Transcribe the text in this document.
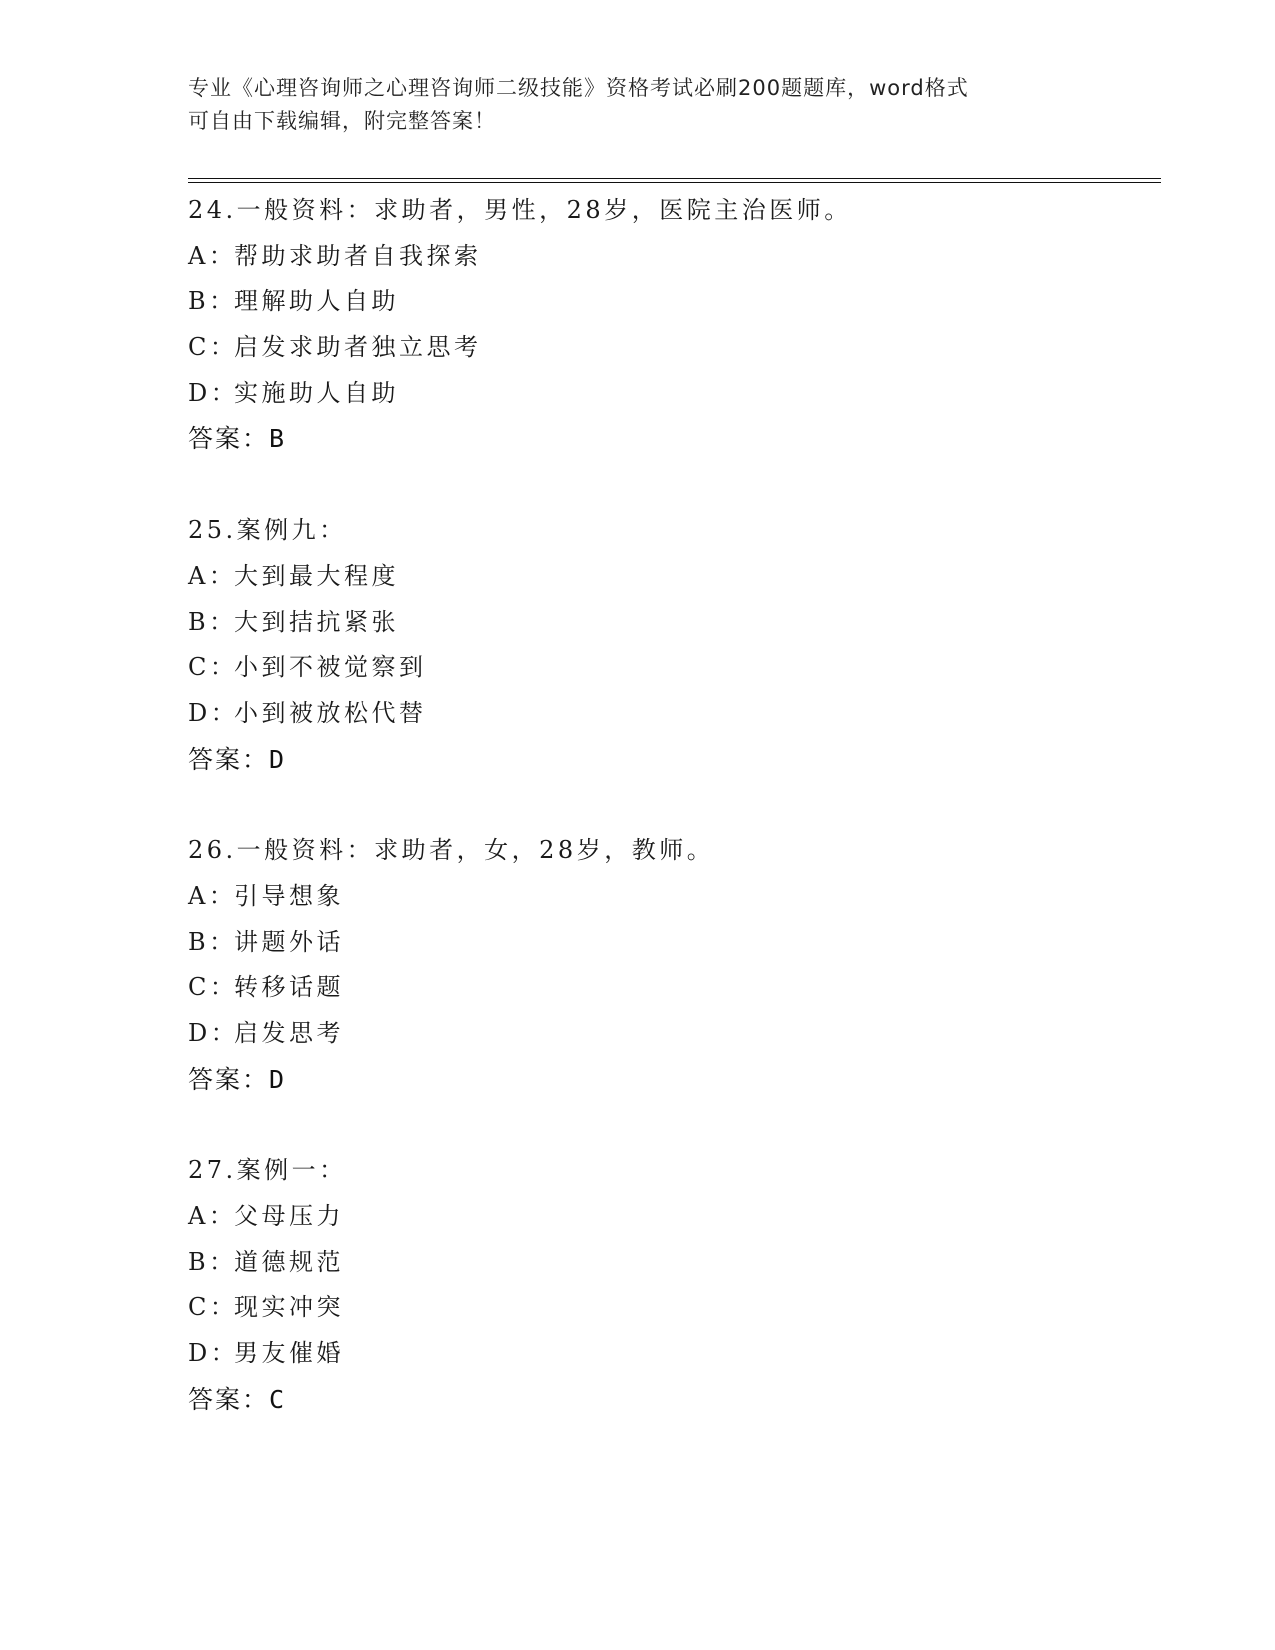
专业《心理咨询师之心理咨询师二级技能》资格考试必刷200题题库，word格式
可自由下载编辑，附完整答案！
24.一般资料：求助者，男性，28岁，医院主治医师。
A：帮助求助者自我探索
B：理解助人自助
C：启发求助者独立思考
D：实施助人自助
答案：B
25.案例九：
A：大到最大程度
B：大到拮抗紧张
C：小到不被觉察到
D：小到被放松代替
答案：D
26.一般资料：求助者，女，28岁，教师。
A：引导想象
B：讲题外话
C：转移话题
D：启发思考
答案：D
27.案例一：
A：父母压力
B：道德规范
C：现实冲突
D：男友催婚
答案：C
